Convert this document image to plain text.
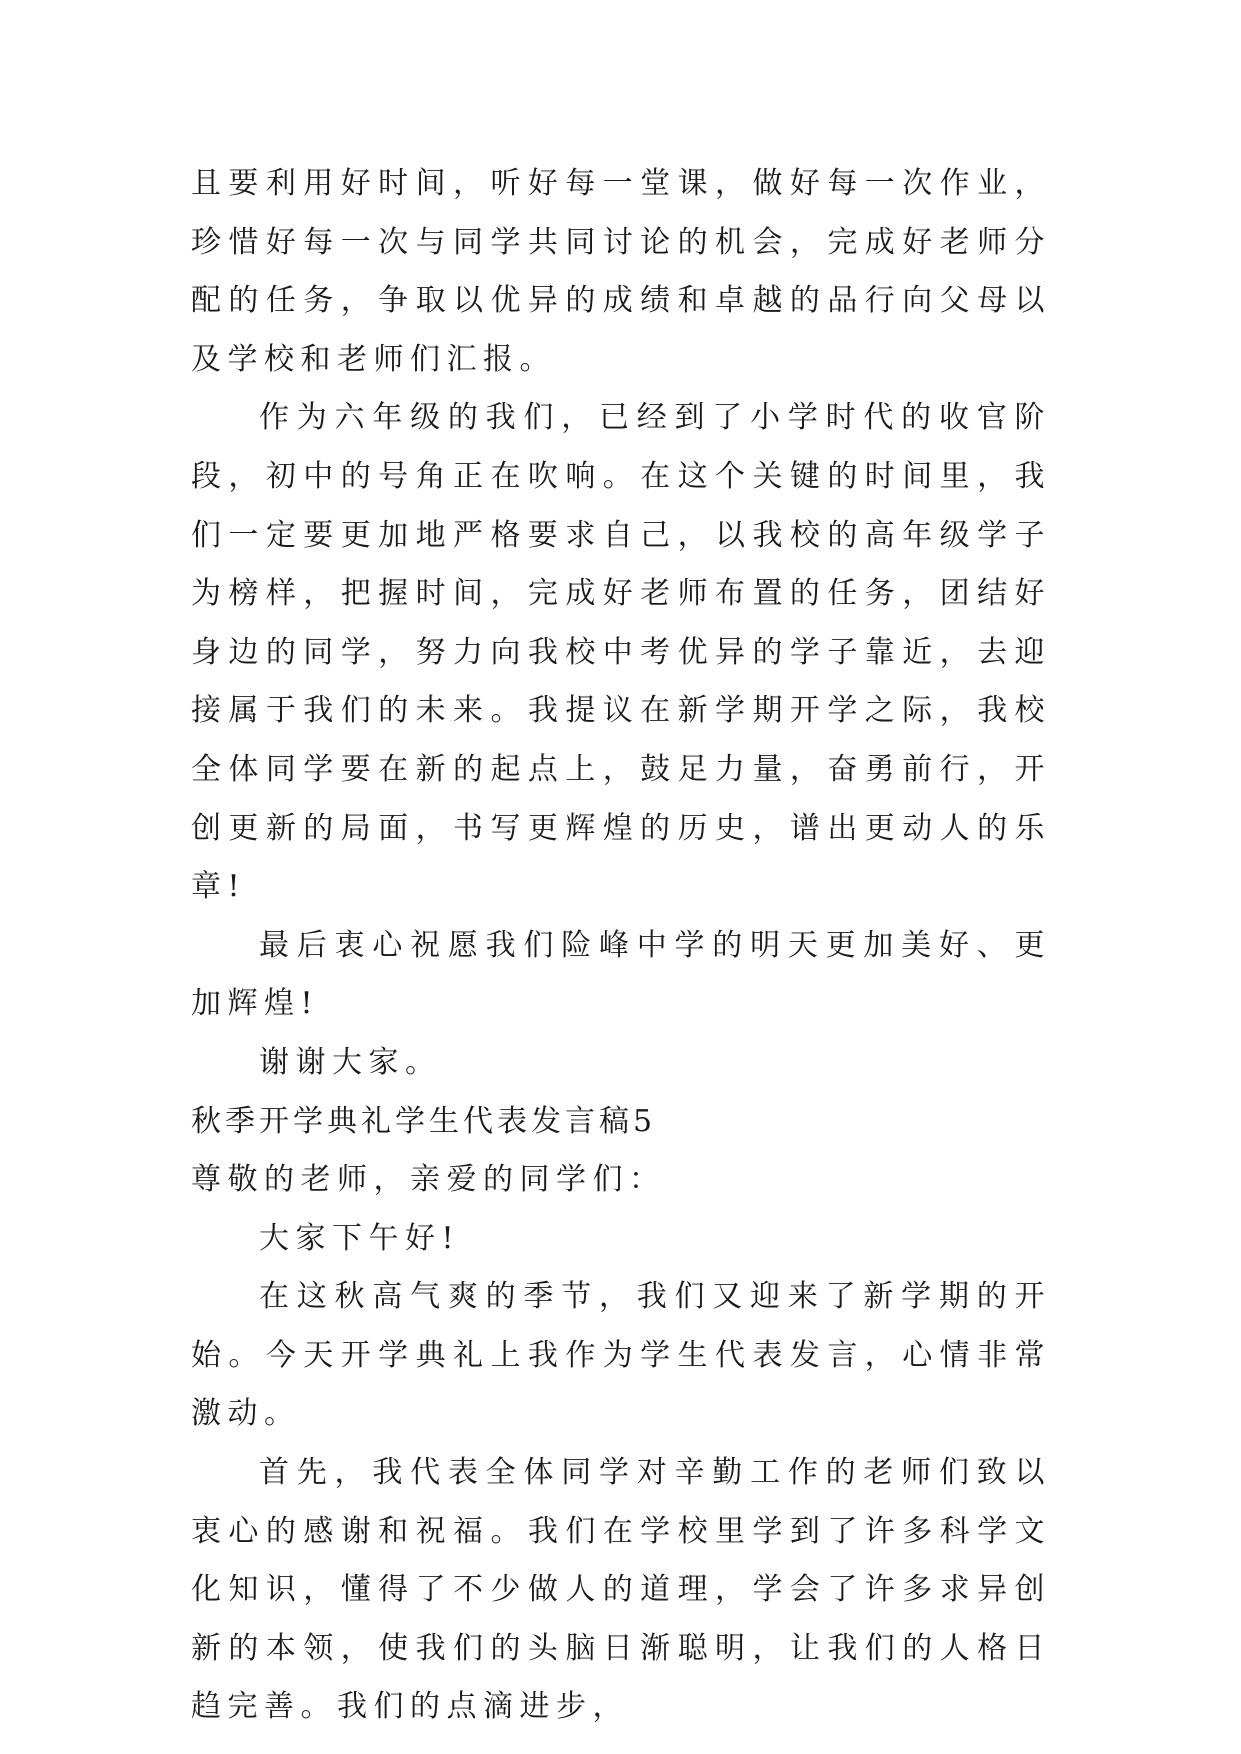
且要利用好时间，听好每一堂课，做好每一次作业，珍惜好每一次与同学共同讨论的机会，完成好老师分配的任务，争取以优异的成绩和卓越的品行向父母以及学校和老师们汇报。

作为六年级的我们，已经到了小学时代的收官阶段，初中的号角正在吹响。在这个关键的时间里，我们一定要更加地严格要求自己，以我校的高年级学子为榜样，把握时间，完成好老师布置的任务，团结好身边的同学，努力向我校中考优异的学子靠近，去迎接属于我们的未来。我提议在新学期开学之际，我校全体同学要在新的起点上，鼓足力量，奋勇前行，开创更新的局面，书写更辉煌的历史，谱出更动人的乐章!

最后衷心祝愿我们险峰中学的明天更加美好、更加辉煌!

谢谢大家。

秋季开学典礼学生代表发言稿5

尊敬的老师，亲爱的同学们：

大家下午好!

在这秋高气爽的季节，我们又迎来了新学期的开始。今天开学典礼上我作为学生代表发言，心情非常激动。

首先，我代表全体同学对辛勤工作的老师们致以衷心的感谢和祝福。我们在学校里学到了许多科学文化知识，懂得了不少做人的道理，学会了许多求异创新的本领，使我们的头脑日渐聪明，让我们的人格日趋完善。我们的点滴进步，
